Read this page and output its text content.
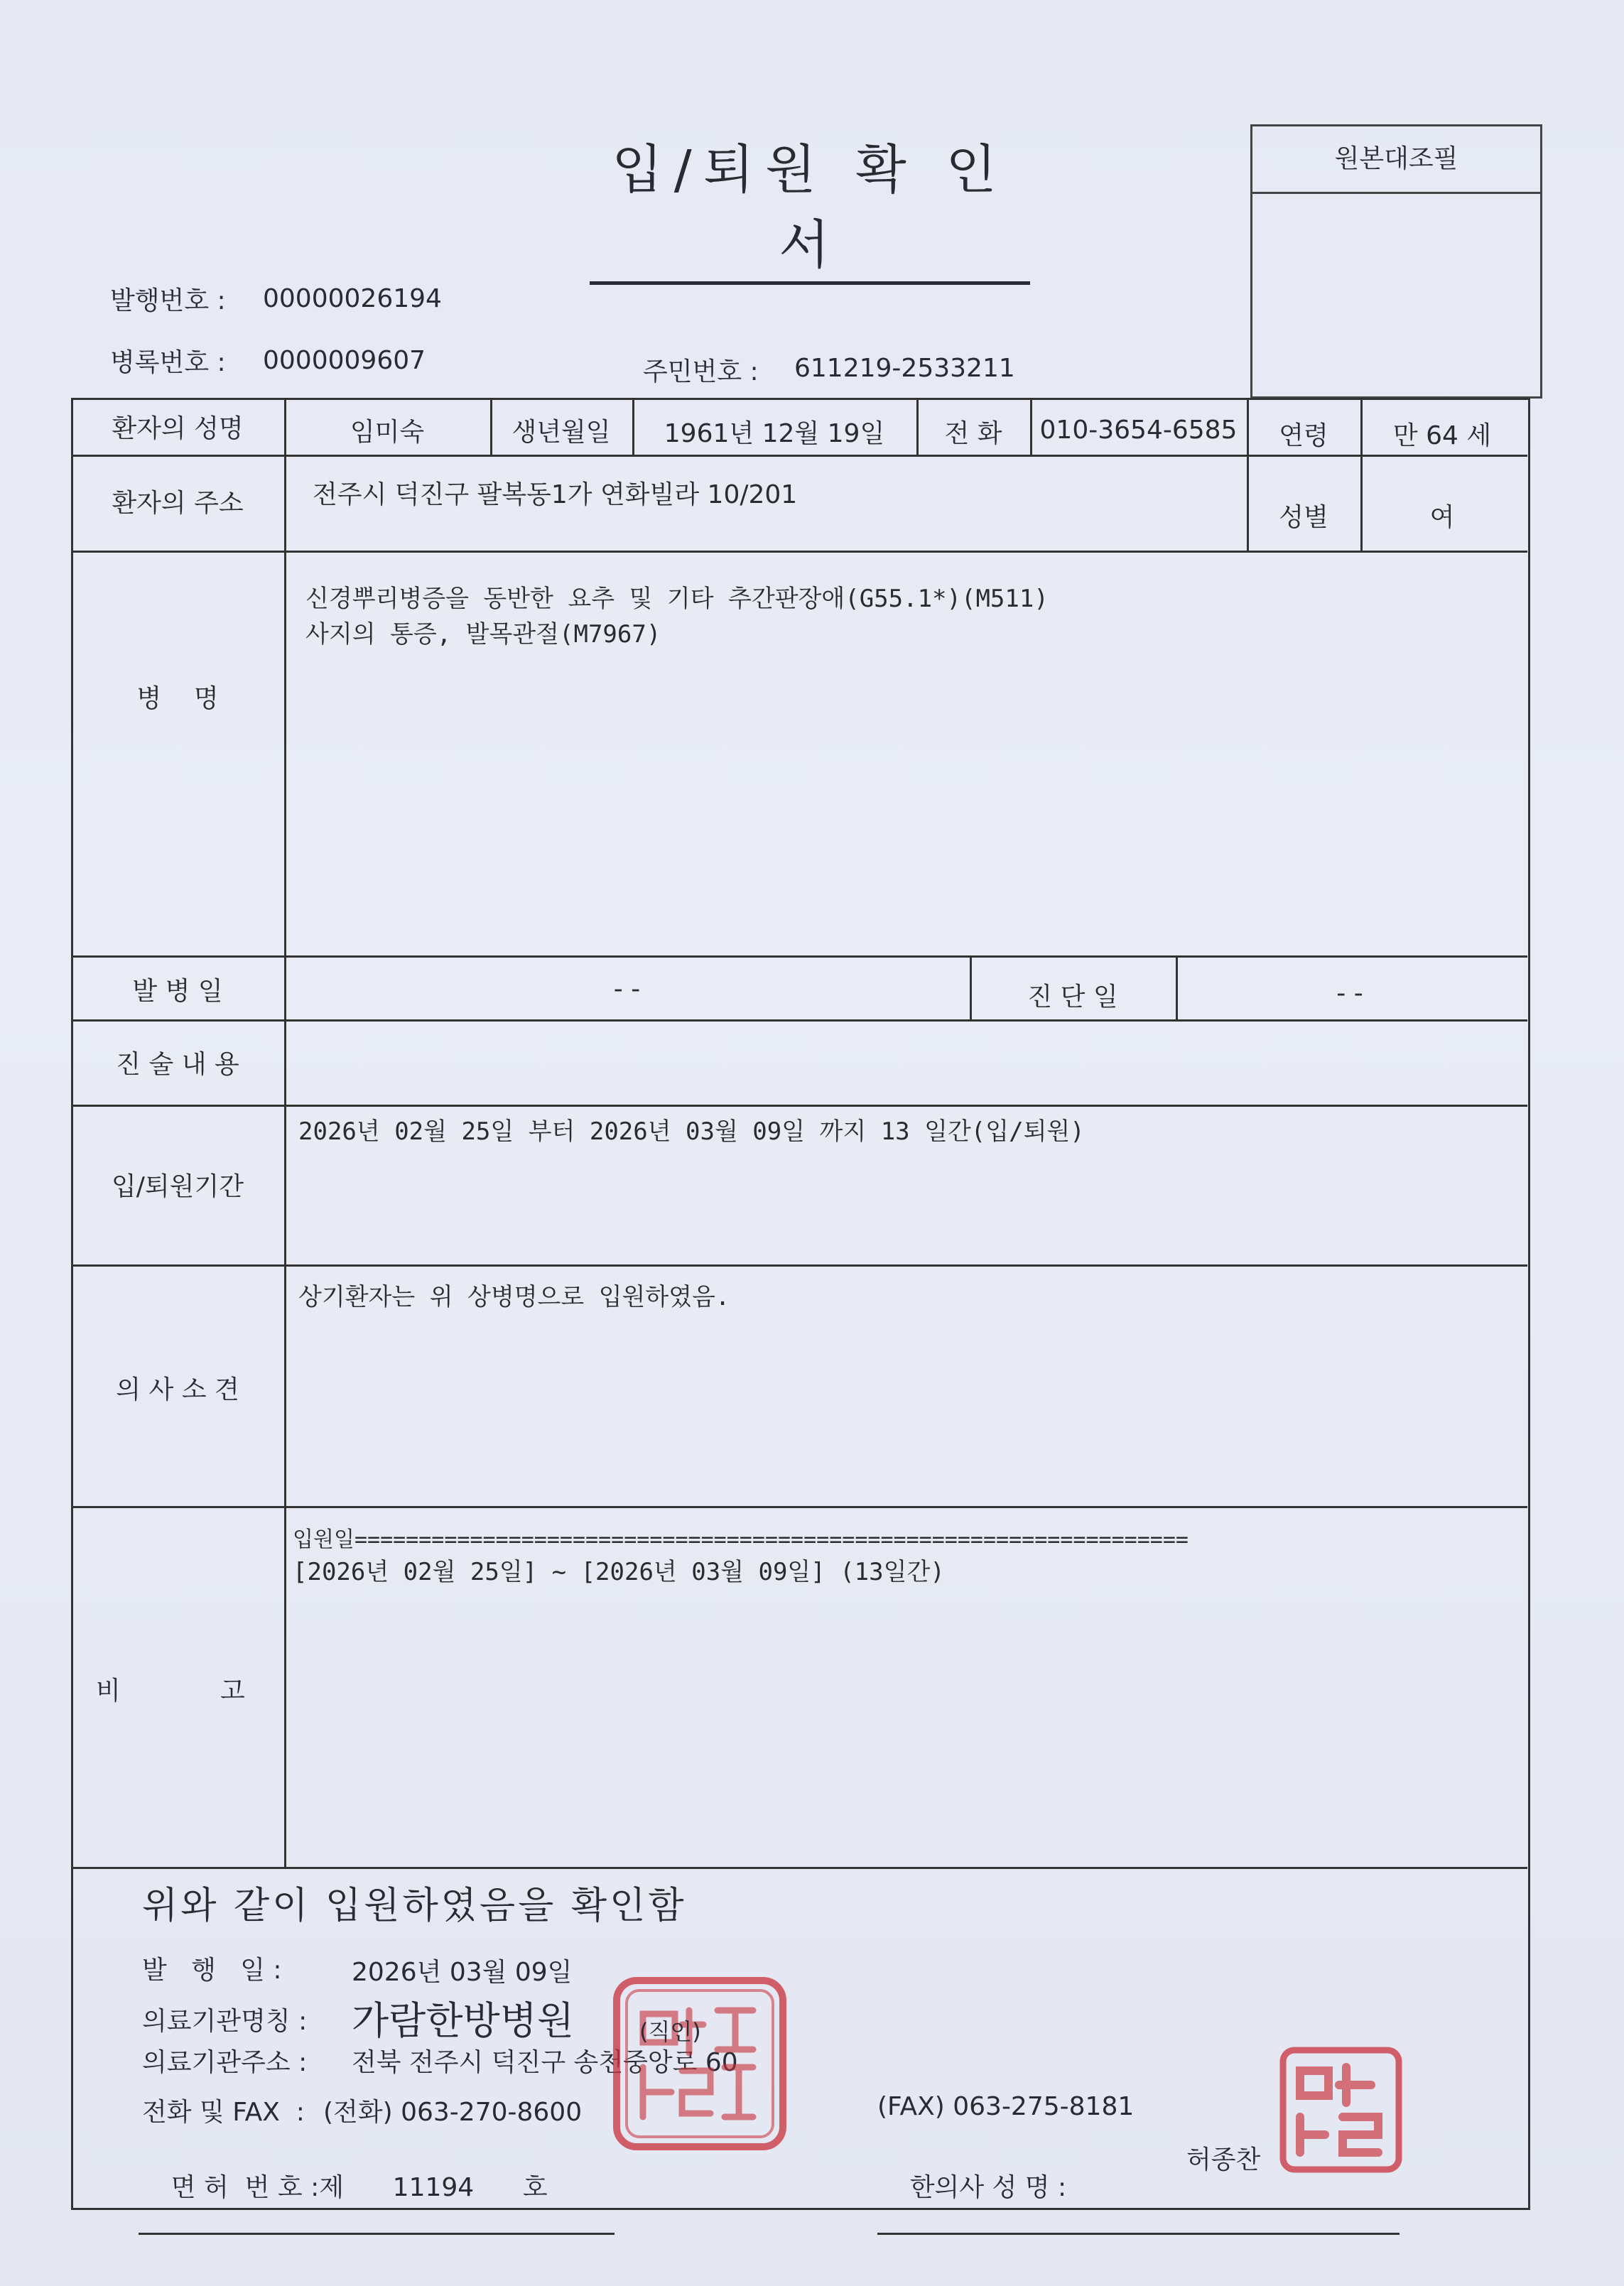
입/퇴원 확 인 서
원본대조필
발행번호 : 00000026194
병록번호 : 0000009607	주민번호 : 611219-2533211
환자의 성명	임미숙	생년월일	1961년 12월 19일	전 화	010-3654-6585	연령	만 64 세
환자의 주소	전주시 덕진구 팔복동1가 연화빌라 10/201
성별	여
병    명
신경뿌리병증을 동반한 요추 및 기타 추간판장애(G55.1*)(M511)
사지의 통증, 발목관절(M7967)
발 병 일	- -	진 단 일	- -
진 술 내 용
입/퇴원기간
2026년 02월 25일 부터 2026년 03월 09일 까지 13 일간(입/퇴원)
의 사 소 견
상기환자는 위 상병명으로 입원하였음.
비	고
입원일=================================================================
[2026년 02월 25일] ~ [2026년 03월 09일] (13일간)
위와 같이 입원하였음을 확인함
발   행   일 :	2026년 03월 09일
의료기관명칭 : 가람한방병원
의료기관주소 : 전북 전주시 덕진구 송천중앙로 60
전화 및 FAX  : (전화) 063-270-8600	(FAX) 063-275-8181

면 허  번 호 :제      11194      호
	한의사 성 명 :

허종찬
(직인)
